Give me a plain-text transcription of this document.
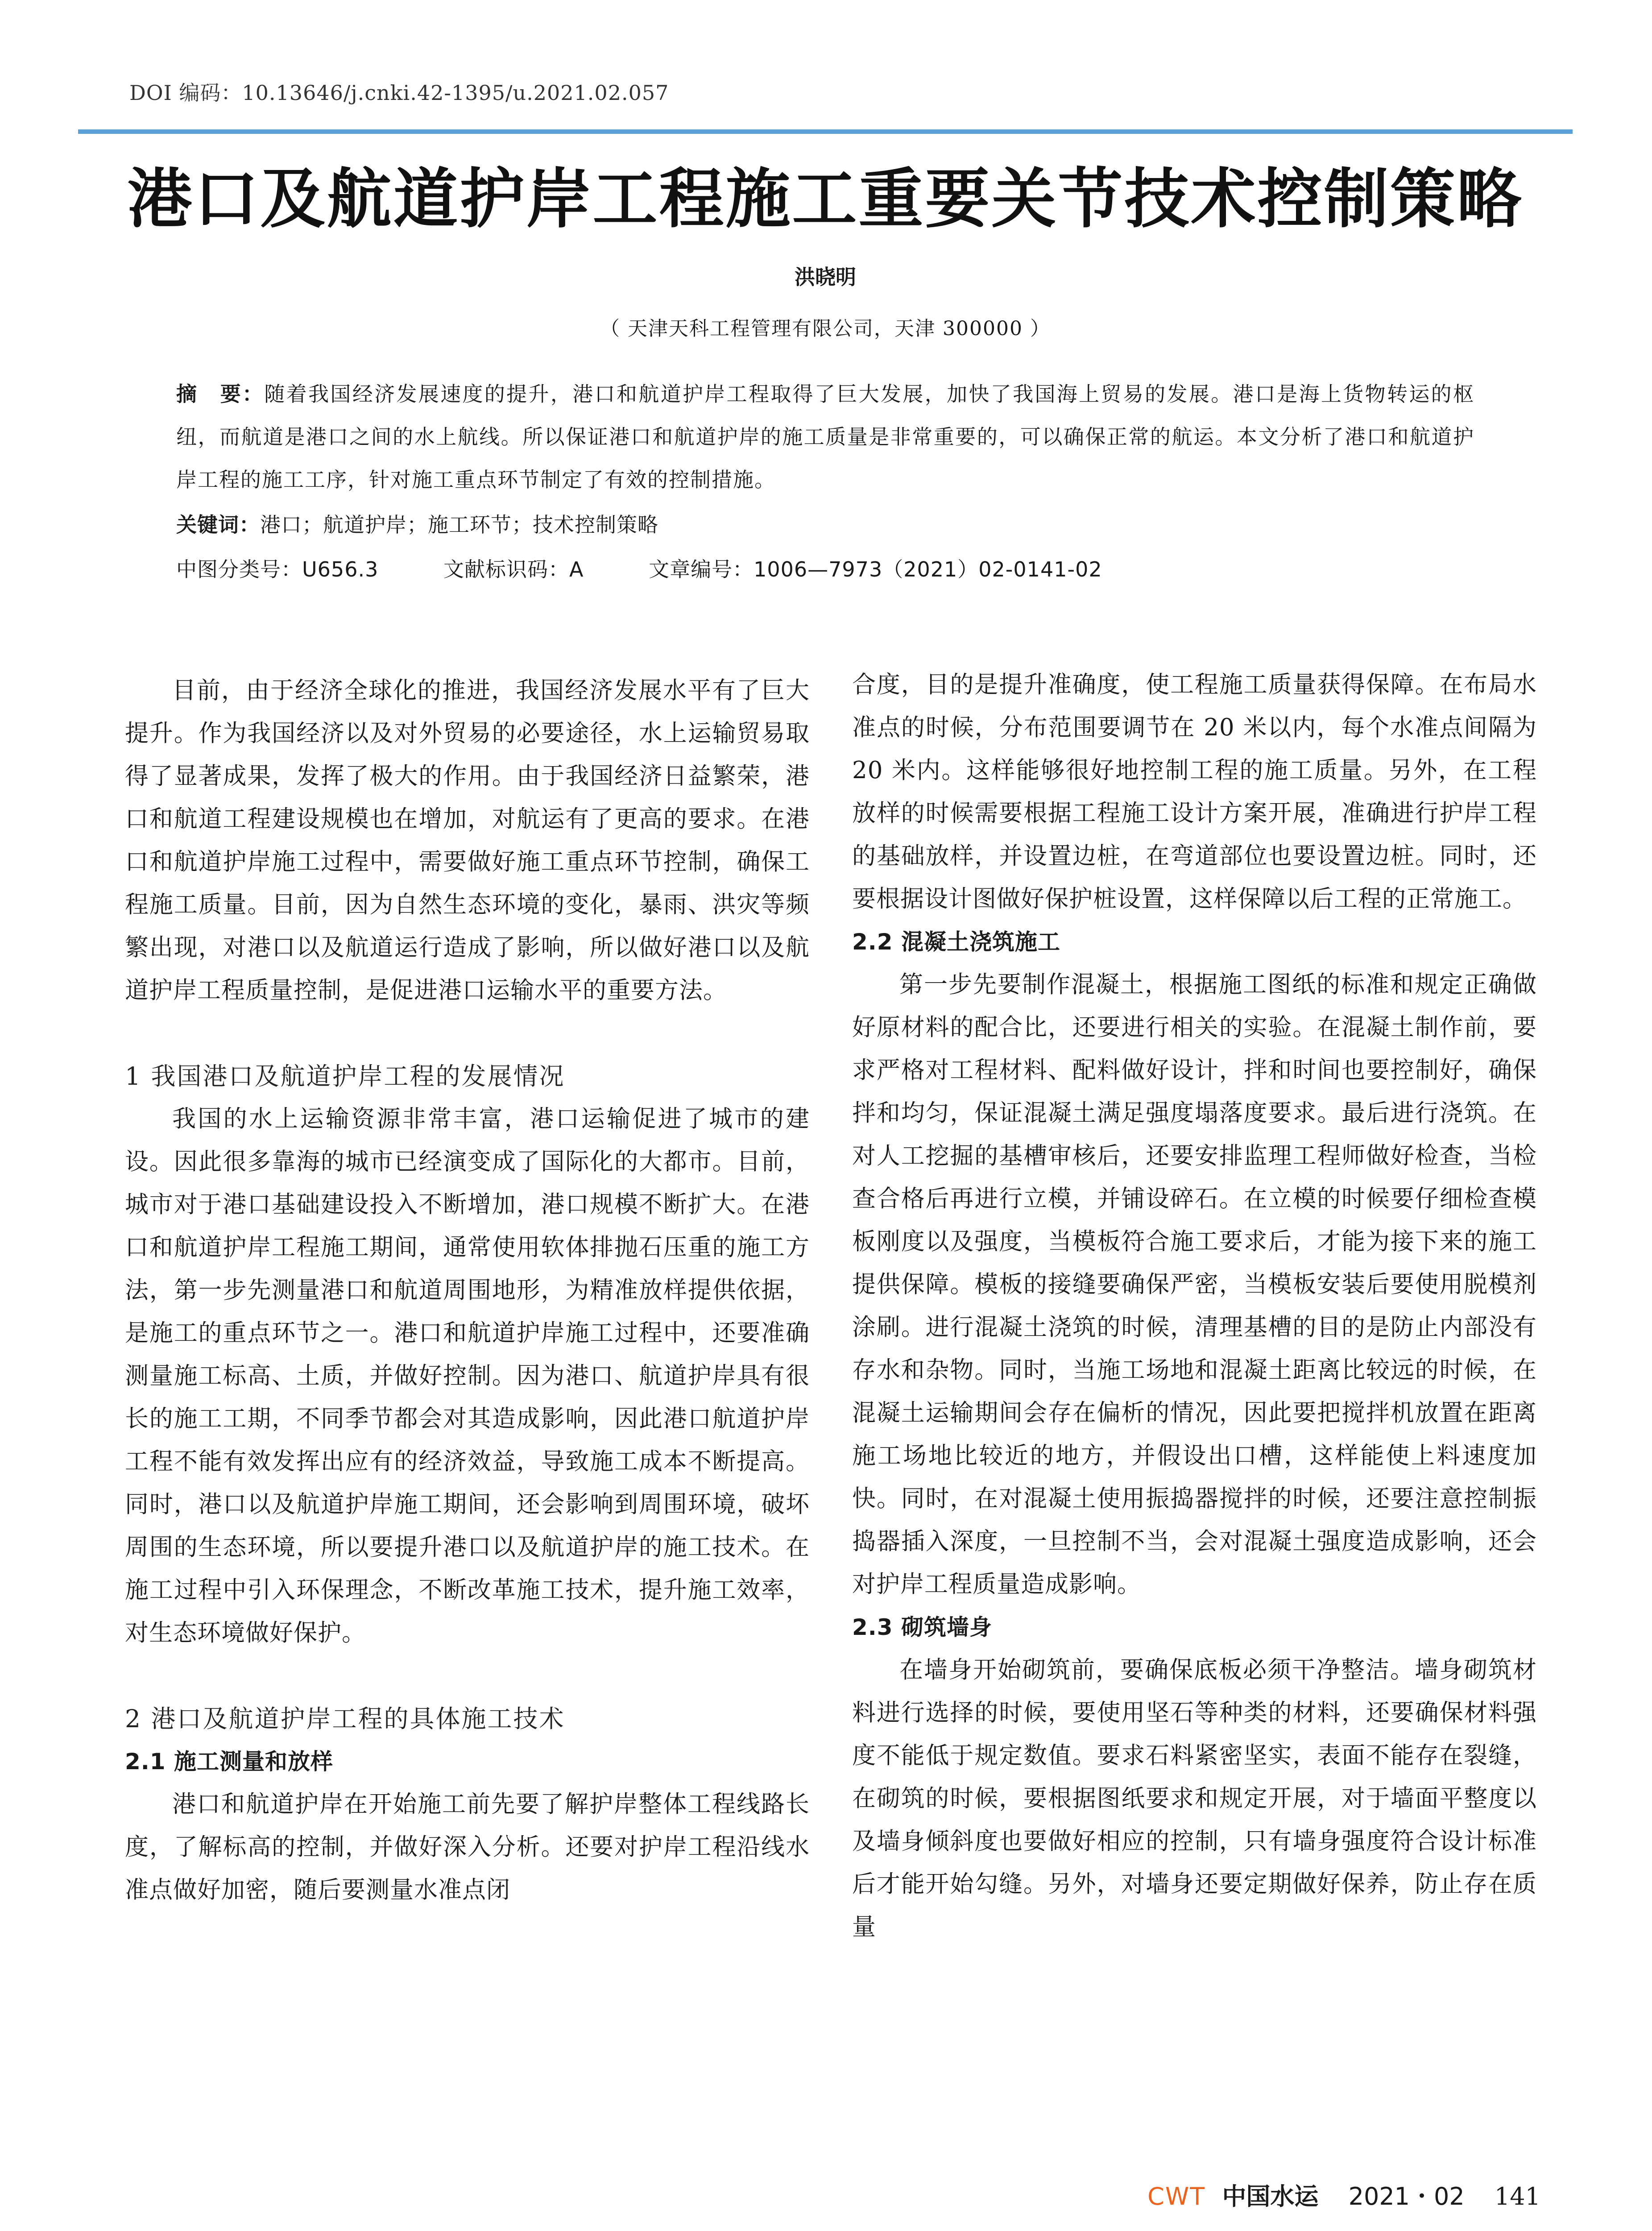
DOI 编码：10.13646/j.cnki.42-1395/u.2021.02.057
港口及航道护岸工程施工重要关节技术控制策略
洪晓明
（ 天津天科工程管理有限公司，天津 300000 ）
摘　要：随着我国经济发展速度的提升，港口和航道护岸工程取得了巨大发展，加快了我国海上贸易的发展。港口是海上货物转运的枢纽，而航道是港口之间的水上航线。所以保证港口和航道护岸的施工质量是非常重要的，可以确保正常的航运。本文分析了港口和航道护岸工程的施工工序，针对施工重点环节制定了有效的控制措施。
关键词：港口；航道护岸；施工环节；技术控制策略
中图分类号：U656.3	文献标识码：A	文章编号：1006—7973（2021）02-0141-02

目前，由于经济全球化的推进，我国经济发展水平有了巨大提升。作为我国经济以及对外贸易的必要途径，水上运输贸易取得了显著成果，发挥了极大的作用。由于我国经济日益繁荣，港口和航道工程建设规模也在增加，对航运有了更高的要求。在港口和航道护岸施工过程中，需要做好施工重点环节控制，确保工程施工质量。目前，因为自然生态环境的变化，暴雨、洪灾等频繁出现，对港口以及航道运行造成了影响，所以做好港口以及航道护岸工程质量控制，是促进港口运输水平的重要方法。

1 我国港口及航道护岸工程的发展情况

我国的水上运输资源非常丰富，港口运输促进了城市的建设。因此很多靠海的城市已经演变成了国际化的大都市。目前，城市对于港口基础建设投入不断增加，港口规模不断扩大。在港口和航道护岸工程施工期间，通常使用软体排抛石压重的施工方法，第一步先测量港口和航道周围地形，为精准放样提供依据，是施工的重点环节之一。港口和航道护岸施工过程中，还要准确测量施工标高、土质，并做好控制。因为港口、航道护岸具有很长的施工工期，不同季节都会对其造成影响，因此港口航道护岸工程不能有效发挥出应有的经济效益，导致施工成本不断提高。同时，港口以及航道护岸施工期间，还会影响到周围环境，破坏周围的生态环境，所以要提升港口以及航道护岸的施工技术。在施工过程中引入环保理念，不断改革施工技术，提升施工效率，对生态环境做好保护。

2 港口及航道护岸工程的具体施工技术
2.1 施工测量和放样

港口和航道护岸在开始施工前先要了解护岸整体工程线路长度，了解标高的控制，并做好深入分析。还要对护岸工程沿线水准点做好加密，随后要测量水准点闭

合度，目的是提升准确度，使工程施工质量获得保障。在布局水准点的时候，分布范围要调节在 20 米以内，每个水准点间隔为 20 米内。这样能够很好地控制工程的施工质量。另外，在工程放样的时候需要根据工程施工设计方案开展，准确进行护岸工程的基础放样，并设置边桩，在弯道部位也要设置边桩。同时，还要根据设计图做好保护桩设置，这样保障以后工程的正常施工。

2.2 混凝土浇筑施工

第一步先要制作混凝土，根据施工图纸的标准和规定正确做好原材料的配合比，还要进行相关的实验。在混凝土制作前，要求严格对工程材料、配料做好设计，拌和时间也要控制好，确保拌和均匀，保证混凝土满足强度塌落度要求。最后进行浇筑。在对人工挖掘的基槽审核后，还要安排监理工程师做好检查，当检查合格后再进行立模，并铺设碎石。在立模的时候要仔细检查模板刚度以及强度，当模板符合施工要求后，才能为接下来的施工提供保障。模板的接缝要确保严密，当模板安装后要使用脱模剂涂刷。进行混凝土浇筑的时候，清理基槽的目的是防止内部没有存水和杂物。同时，当施工场地和混凝土距离比较远的时候，在混凝土运输期间会存在偏析的情况，因此要把搅拌机放置在距离施工场地比较近的地方，并假设出口槽，这样能使上料速度加快。同时，在对混凝土使用振捣器搅拌的时候，还要注意控制振捣器插入深度，一旦控制不当，会对混凝土强度造成影响，还会对护岸工程质量造成影响。

2.3 砌筑墙身

在墙身开始砌筑前，要确保底板必须干净整洁。墙身砌筑材料进行选择的时候，要使用坚石等种类的材料，还要确保材料强度不能低于规定数值。要求石料紧密坚实，表面不能存在裂缝，在砌筑的时候，要根据图纸要求和规定开展，对于墙面平整度以及墙身倾斜度也要做好相应的控制，只有墙身强度符合设计标准后才能开始勾缝。另外，对墙身还要定期做好保养，防止存在质量

CWT 中国水运 2021・02 141
